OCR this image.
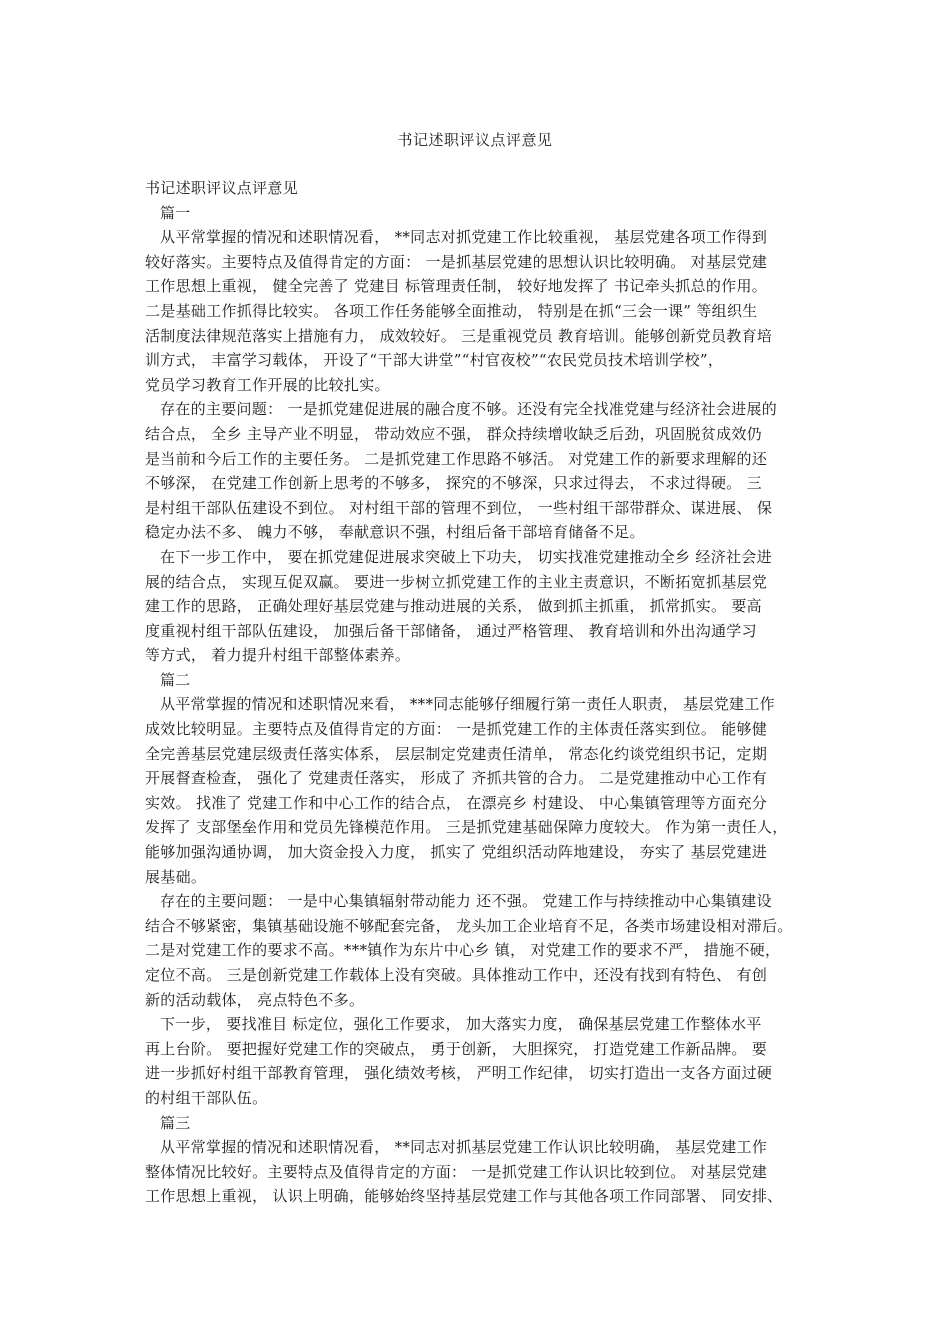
书记述职评议点评意见
书记述职评议点评意见
篇一
从平常掌握的情况和述职情况看， **同志对抓党建工作比较重视， 基层党建各项工作得到
较好落实。主要特点及值得肯定的方面： 一是抓基层党建的思想认识比较明确。 对基层党建
工作思想上重视， 健全完善了 党建目 标管理责任制， 较好地发挥了 书记牵头抓总的作用。
二是基础工作抓得比较实。 各项工作任务能够全面推动， 特别是在抓“三会一课” 等组织生
活制度法律规范落实上措施有力， 成效较好。 三是重视党员 教育培训。能够创新党员教育培
训方式， 丰富学习载体， 开设了“干部大讲堂”“村官夜校”“农民党员技术培训学校”，
党员学习教育工作开展的比较扎实。
存在的主要问题： 一是抓党建促进展的融合度不够。还没有完全找准党建与经济社会进展的
结合点， 全乡 主导产业不明显， 带动效应不强， 群众持续增收缺乏后劲，巩固脱贫成效仍
是当前和今后工作的主要任务。 二是抓党建工作思路不够活。 对党建工作的新要求理解的还
不够深， 在党建工作创新上思考的不够多， 探究的不够深，只求过得去， 不求过得硬。 三
是村组干部队伍建设不到位。 对村组干部的管理不到位， 一些村组干部带群众、谋进展、 保
稳定办法不多、 魄力不够， 奉献意识不强，村组后备干部培育储备不足。
在下一步工作中， 要在抓党建促进展求突破上下功夫， 切实找准党建推动全乡 经济社会进
展的结合点， 实现互促双赢。 要进一步树立抓党建工作的主业主责意识，不断拓宽抓基层党
建工作的思路， 正确处理好基层党建与推动进展的关系， 做到抓主抓重， 抓常抓实。 要高
度重视村组干部队伍建设， 加强后备干部储备， 通过严格管理、 教育培训和外出沟通学习
等方式， 着力提升村组干部整体素养。
篇二
从平常掌握的情况和述职情况来看， ***同志能够仔细履行第一责任人职责， 基层党建工作
成效比较明显。主要特点及值得肯定的方面： 一是抓党建工作的主体责任落实到位。 能够健
全完善基层党建层级责任落实体系， 层层制定党建责任清单， 常态化约谈党组织书记，定期
开展督查检查， 强化了 党建责任落实， 形成了 齐抓共管的合力。 二是党建推动中心工作有
实效。 找准了 党建工作和中心工作的结合点， 在漂亮乡 村建设、 中心集镇管理等方面充分
发挥了 支部堡垒作用和党员先锋模范作用。 三是抓党建基础保障力度较大。 作为第一责任人，
能够加强沟通协调， 加大资金投入力度， 抓实了 党组织活动阵地建设， 夯实了 基层党建进
展基础。
存在的主要问题： 一是中心集镇辐射带动能力 还不强。 党建工作与持续推动中心集镇建设
结合不够紧密，集镇基础设施不够配套完备， 龙头加工企业培育不足，各类市场建设相对滞后。
二是对党建工作的要求不高。***镇作为东片中心乡 镇， 对党建工作的要求不严， 措施不硬，
定位不高。 三是创新党建工作载体上没有突破。具体推动工作中，还没有找到有特色、 有创
新的活动载体， 亮点特色不多。
下一步， 要找准目 标定位，强化工作要求， 加大落实力度， 确保基层党建工作整体水平
再上台阶。 要把握好党建工作的突破点， 勇于创新， 大胆探究， 打造党建工作新品牌。 要
进一步抓好村组干部教育管理， 强化绩效考核， 严明工作纪律， 切实打造出一支各方面过硬
的村组干部队伍。
篇三
从平常掌握的情况和述职情况看， **同志对抓基层党建工作认识比较明确， 基层党建工作
整体情况比较好。主要特点及值得肯定的方面： 一是抓党建工作认识比较到位。 对基层党建
工作思想上重视， 认识上明确，能够始终坚持基层党建工作与其他各项工作同部署、 同安排、
